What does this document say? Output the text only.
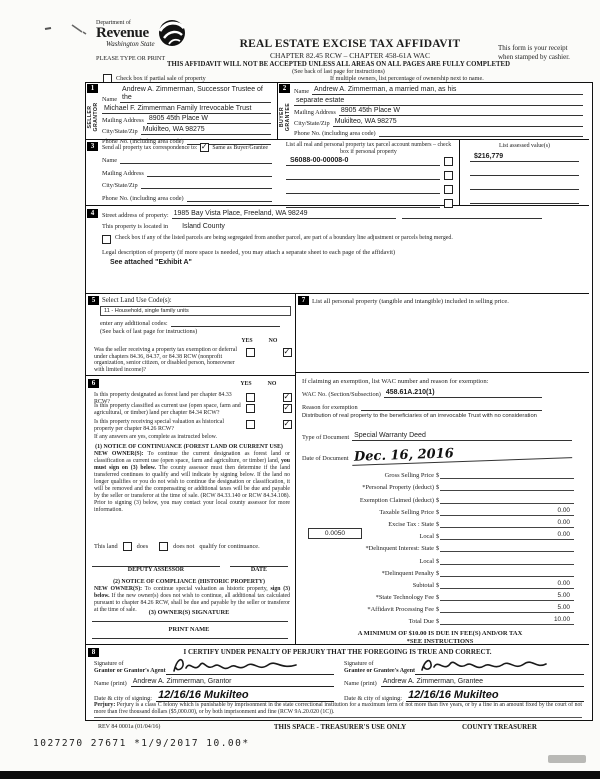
Department of
Revenue
Washington State	REAL ESTATE EXCISE TAX AFFIDAVIT
PLEASE TYPE OR PRINT	CHAPTER 82.45 RCW – CHAPTER 458-61A WAC
This form is your receipt
when stamped by cashier.
THIS AFFIDAVIT WILL NOT BE ACCEPTED UNLESS ALL AREAS ON ALL PAGES ARE FULLY COMPLETED
(See back of last page for instructions)
Check box if partial sale of property	If multiple owners, list percentage of ownership next to name.
1
SELLER GRANTOR
Name
Andrew A. Zimmerman, Successor Trustee of the
Michael F. Zimmerman Family Irrevocable Trust
Mailing Address 8905 45th Place W
City/State/Zip Mukilteo, WA 98275
Phone No. (including area code)
2
BUYER GRANTEE
Name Andrew A. Zimmerman, a married man, as his
separate estate
Mailing Address 8905 45th Place W
City/State/Zip Mukilteo, WA 98275
Phone No. (including area code)
3	Send all property tax correspondence to: ✓	Same as Buyer/Grantee
Name
Mailing Address
City/State/Zip
Phone No. (including area code)
List all real and personal property tax parcel account numbers – check box if personal property
S6088-00-00008-0
List assessed value(s)
$216,779
4	Street address of property: 1985 Bay Vista Place, Freeland, WA 98249
This property is located in Island County
Check box if any of the listed parcels are being segregated from another parcel, are part of a boundary line adjustment or parcels being merged.
Legal description of property (if more space is needed, you may attach a separate sheet to each page of the affidavit)
See attached "Exhibit A"
5 Select Land Use Code(s):
11 - Household, single family units
enter any additional codes:
(See back of last page for instructions)
YES	NO
Was the seller receiving a property tax exemption or deferral under chapters 84.36, 84.37, or 84.38 RCW (nonprofit organization, senior citizen, or disabled person, homeowner with limited income)?
✓
6	YES	NO
Is this property designated as forest land per chapter 84.33 RCW?
✓
Is this property classified as current use (open space, farm and agricultural, or timber) land per chapter 84.34 RCW?
✓
Is this property receiving special valuation as historical property per chapter 84.26 RCW?
✓
If any answers are yes, complete as instructed below.
(1) NOTICE OF CONTINUANCE (FOREST LAND OR CURRENT USE)
NEW OWNER(S): To continue the current designation as forest land or classification as current use (open space, farm and agriculture, or timber) land, you must sign on (3) below. The county assessor must then determine if the land transferred continues to qualify and will indicate by signing below. If the land no longer qualifies or you do not wish to continue the designation or classification, it will be removed and the compensating or additional taxes will be due and payable by the seller or transferor at the time of sale. (RCW 84.33.140 or RCW 84.34.108). Prior to signing (3) below, you may contact your local county assessor for more information.
This land	does	does not qualify for continuance.
DEPUTY ASSESSOR	DATE
(2) NOTICE OF COMPLIANCE (HISTORIC PROPERTY)
NEW OWNER(S): To continue special valuation as historic property, sign (3) below. If the new owner(s) does not wish to continue, all additional tax calculated pursuant to chapter 84.26 RCW, shall be due and payable by the seller or transferor at the time of sale.	(3) OWNER(S) SIGNATURE
PRINT NAME
7	List all personal property (tangible and intangible) included in selling price.
If claiming an exemption, list WAC number and reason for exemption:
WAC No. (Section/Subsection) 458.61A.210(1)
Reason for exemption
Distribution of real property to the beneficiaries of an irrevocable Trust with no consideration
Type of Document Special Warranty Deed
Date of Document Dec. 16, 2016
Gross Selling Price $
*Personal Property (deduct) $
Exemption Claimed (deduct) $
Taxable Selling Price $	0.00
Excise Tax : State $	0.00
0.0050	Local $	0.00
*Delinquent Interest: State $
Local $
*Delinquent Penalty $
Subtotal $	0.00
*State Technology Fee $	5.00
*Affidavit Processing Fee $	5.00
Total Due $	10.00
A MINIMUM OF $10.00 IS DUE IN FEE(S) AND/OR TAX
*SEE INSTRUCTIONS
8	I CERTIFY UNDER PENALTY OF PERJURY THAT THE FOREGOING IS TRUE AND CORRECT.
Signature of
Grantor or Grantor's Agent
Name (print) Andrew A. Zimmerman, Grantor
Date & city of signing: 12/16/16 Mukilteo
Signature of
Grantee or Grantee's Agent
Name (print) Andrew A. Zimmerman, Grantee
Date & city of signing: 12/16/16 Mukilteo
Perjury: Perjury is a class C felony which is punishable by imprisonment in the state correctional institution for a maximum term of not more than five years, or by a fine in an amount fixed by the court of not more than five thousand dollars ($5,000.00), or by both imprisonment and fine (RCW 9A.20.020 (1C)).
REV 84 0001a (01/04/16)	THIS SPACE - TREASURER'S USE ONLY	COUNTY TREASURER
1027270 27671 *1/9/2017 10.00*
